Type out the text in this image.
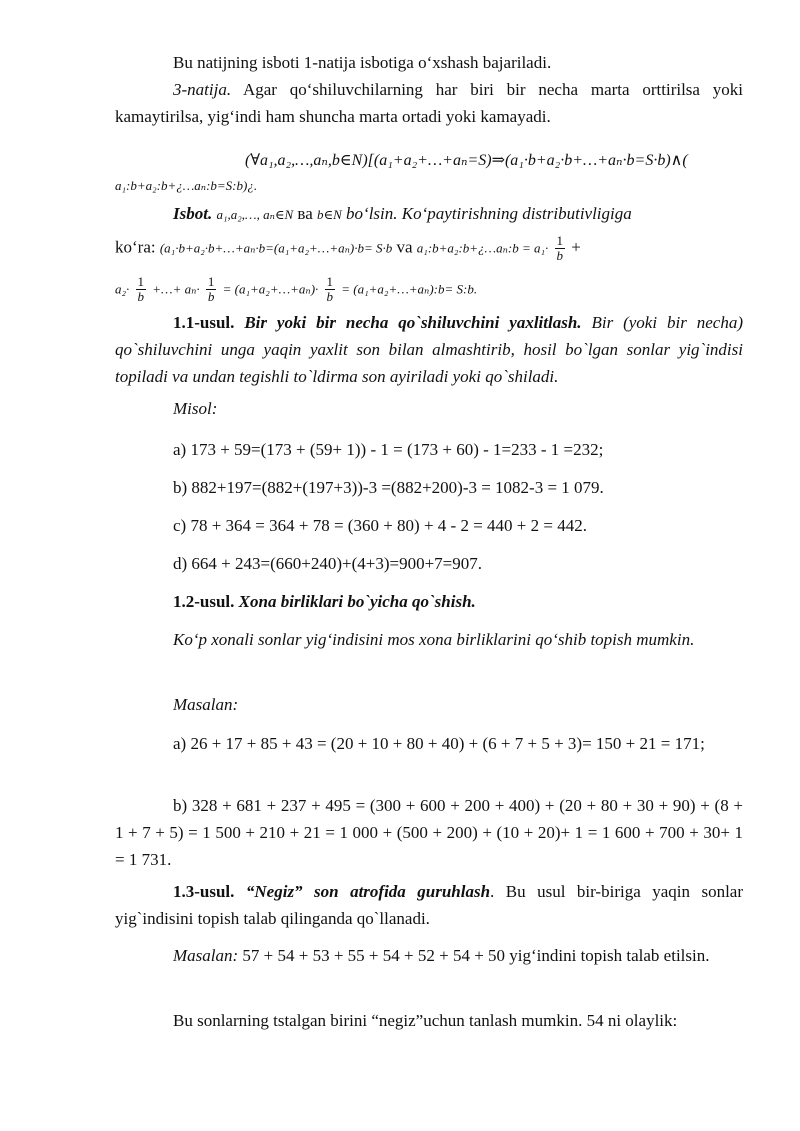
Bu natijning isboti 1-natija isbotiga o‘xshash bajariladi.

3-natija. Agar qo‘shiluvchilarning har biri bir necha marta orttirilsa yoki kamaytirilsa, yig‘indi ham shuncha marta ortadi yoki kamayadi.

(∀a₁,a₂,…,aₙ,b∈N)[(a₁+a₂+…+aₙ=S)⇒(a₁·b+a₂·b+…+aₙ·b=S·b)∧(
a₁:b+a₂:b+¿…aₙ:b=S:b)¿.
Isbot. a₁,a₂,…, aₙ∈N ва b∈N bo‘lsin. Ko‘paytirishning distributivligiga
ko‘ra: (a₁·b+a₂·b+…+aₙ·b=(a₁+a₂+…+aₙ)·b= S·b va a₁:b+a₂:b+¿…aₙ:b = $a_1\cdot \frac{1}{b}$ +
$a_2\cdot \frac{1}{b}$ +…+ $a_n\cdot \frac{1}{b}$ = (a₁+a₂+…+aₙ)· $\frac{1}{b}$ = (a₁+a₂+…+aₙ):b= S:b.

1.1-usul. Bir yoki bir necha qo`shiluvchini yaxlitlash. Bir (yoki bir necha) qo`shiluvchini unga yaqin yaxlit son bilan almashtirib, hosil bo`lgan sonlar yig`indisi topiladi va undan tegishli to`ldirma son ayiriladi yoki qo`shiladi.

Misol:

a) 173 + 59=(173 + (59+ 1)) - 1 = (173 + 60) - 1=233 - 1 =232;

b) 882+197=(882+(197+3))-3 =(882+200)-3 = 1082-3 = 1 079.

c) 78 + 364 = 364 + 78 = (360 + 80) + 4 - 2 = 440 + 2 = 442.

d) 664 + 243=(660+240)+(4+3)=900+7=907.

1.2-usul. Xona birliklari bo`yicha qo`shish.

Ko‘p xonali sonlar yig‘indisini mos xona birliklarini qo‘shib topish mumkin.

Masalan:

a) 26 + 17 + 85 + 43 = (20 + 10 + 80 + 40) + (6 + 7 + 5 + 3)= 150 + 21 = 171;

b) 328 + 681 + 237 + 495 = (300 + 600 + 200 + 400) + (20 + 80 + 30 + 90) + (8 + 1 + 7 + 5) = 1 500 + 210 + 21 = 1 000 + (500 + 200) + (10 + 20)+ 1 = 1 600 + 700 + 30+ 1 = 1 731.

1.3-usul. “Negiz” son atrofida guruhlash. Bu usul bir-biriga yaqin sonlar yig`indisini topish talab qilinganda qo`llanadi.

Masalan: 57 + 54 + 53 + 55 + 54 + 52 + 54 + 50 yig‘indini topish talab etilsin.

Bu sonlarning tstalgan birini “negiz”uchun tanlash mumkin. 54 ni olaylik:
